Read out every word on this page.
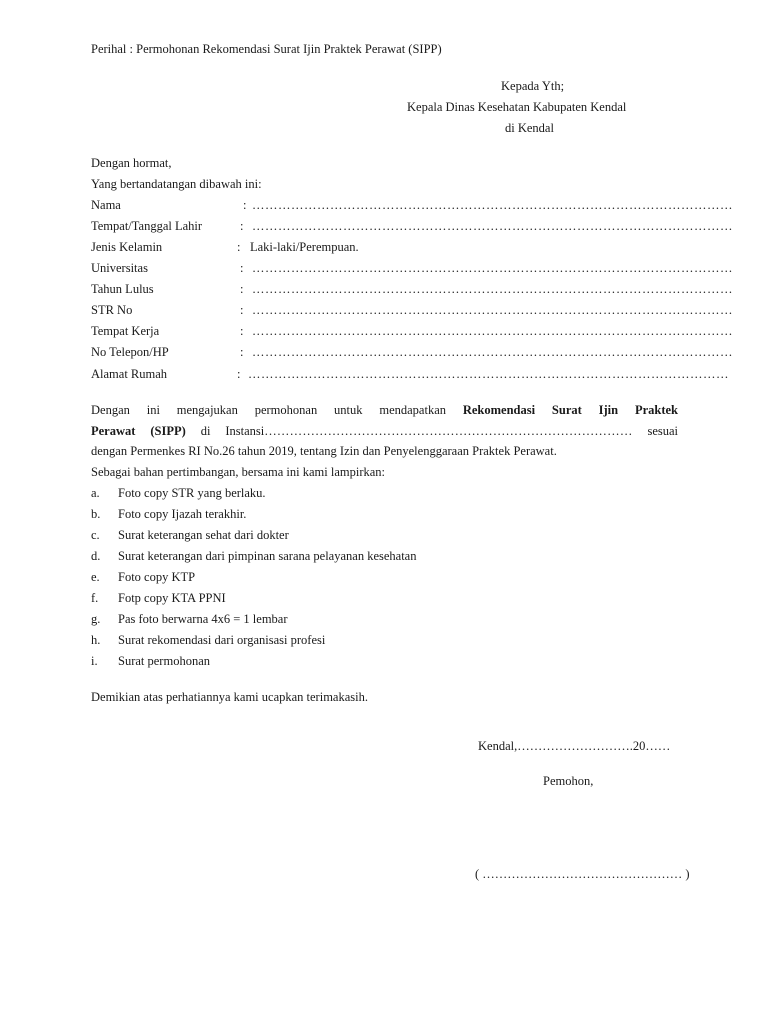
Perihal : Permohonan Rekomendasi Surat Ijin Praktek Perawat (SIPP)
Kepada Yth;
Kepala Dinas Kesehatan Kabupaten Kendal
di Kendal
Dengan hormat,
Yang bertandatangan dibawah ini:
Nama	: …………………………………………………………………………………………………
Tempat/Tanggal Lahir	: …………………………………………………………………………………………………
Jenis Kelamin	: Laki-laki/Perempuan.
Universitas	: …………………………………………………………………………………………………
Tahun Lulus	: …………………………………………………………………………………………………
STR No	: …………………………………………………………………………………………………
Tempat Kerja	: …………………………………………………………………………………………………
No Telepon/HP	: …………………………………………………………………………………………………
Alamat Rumah	: …………………………………………………………………………………………………
Dengan ini mengajukan permohonan untuk mendapatkan Rekomendasi Surat Ijin Praktek
Perawat (SIPP) di Instansi…………………………………………………………………………… sesuai
dengan Permenkes RI No.26 tahun 2019, tentang Izin dan Penyelenggaraan Praktek Perawat.
Sebagai bahan pertimbangan, bersama ini kami lampirkan:
a. Foto copy STR yang berlaku.
b. Foto copy Ijazah terakhir.
c. Surat keterangan sehat dari dokter
d. Surat keterangan dari pimpinan sarana pelayanan kesehatan
e. Foto copy KTP
f. Fotp copy KTA PPNI
g. Pas foto berwarna 4x6 = 1 lembar
h. Surat rekomendasi dari organisasi profesi
i. Surat permohonan
Demikian atas perhatiannya kami ucapkan terimakasih.
Kendal,……………………….20……
Pemohon,
( ………………………………………… )
